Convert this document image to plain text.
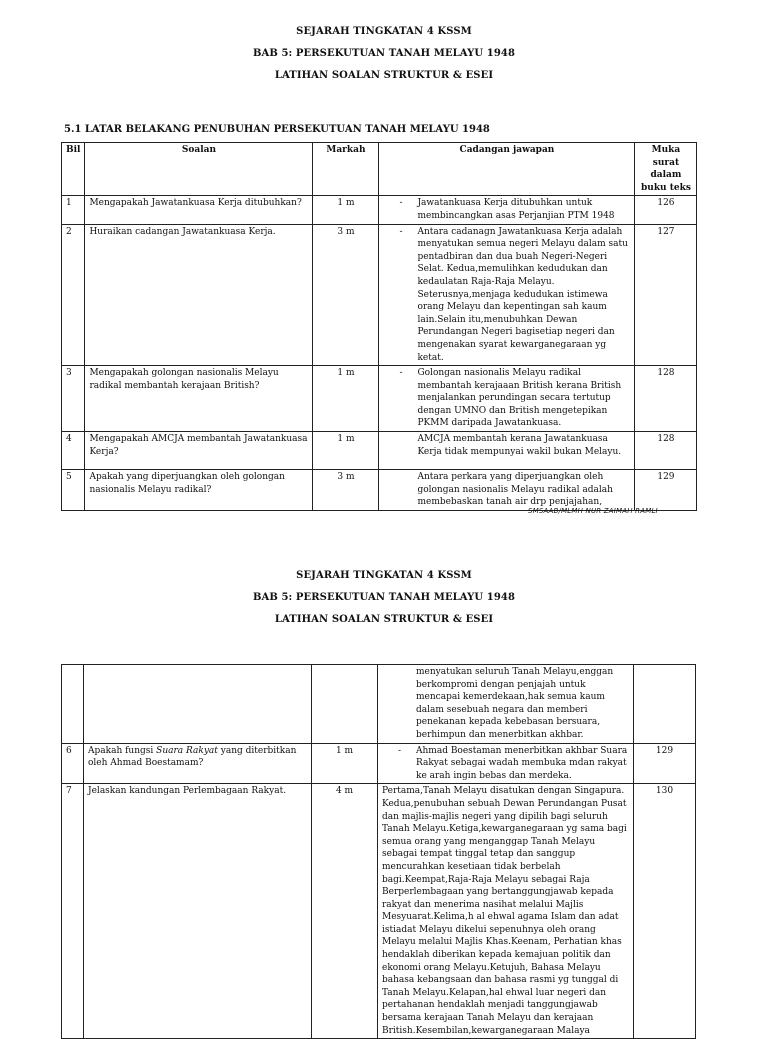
SEJARAH TINGKATAN 4 KSSM
BAB 5: PERSEKUTUAN TANAH MELAYU 1948
LATIHAN SOALAN STRUKTUR & ESEI
5.1 LATAR BELAKANG PENUBUHAN PERSEKUTUAN TANAH MELAYU 1948
Bil	Soalan	Markah	Cadangan jawapan	Muka surat dalam buku teks
1	Mengapakah Jawatankuasa Kerja ditubuhkan?	1 m	- Jawatankuasa Kerja ditubuhkan untuk membincangkan asas Perjanjian PTM 1948	126
2	Huraikan cadangan Jawatankuasa Kerja.	3 m	- Antara cadanagn Jawatankuasa Kerja adalah menyatukan semua negeri Melayu dalam satu pentadbiran dan dua buah Negeri-Negeri Selat. Kedua,memulihkan kedudukan dan kedaulatan Raja-Raja Melayu. Seterusnya,menjaga kedudukan istimewa orang Melayu dan kepentingan sah kaum lain.Selain itu,menubuhkan Dewan Perundangan Negeri bagisetiap negeri dan mengenakan syarat kewarganegaraan yg ketat.	127
3	Mengapakah golongan nasionalis Melayu radikal membantah kerajaan British?	1 m	- Golongan nasionalis Melayu radikal membantah kerajaaan British kerana British menjalankan perundingan secara tertutup dengan UMNO dan British mengetepikan PKMM daripada Jawatankuasa.	128
4	Mengapakah AMCJA membantah Jawatankuasa Kerja?	1 m	AMCJA membantah kerana Jawatankuasa Kerja tidak mempunyai wakil bukan Melayu.	128
5	Apakah yang diperjuangkan oleh golongan nasionalis Melayu radikal?	3 m	Antara perkara yang diperjuangkan oleh golongan nasionalis Melayu radikal adalah membebaskan tanah air drp penjajahan,	129
SMSAAB/MLMH NUR ZAIMAH RAMLI
SEJARAH TINGKATAN 4 KSSM
BAB 5: PERSEKUTUAN TANAH MELAYU 1948
LATIHAN SOALAN STRUKTUR & ESEI

			menyatukan seluruh Tanah Melayu,enggan berkompromi dengan penjajah untuk mencapai kemerdekaan,hak semua kaum dalam sesebuah negara dan memberi penekanan kepada kebebasan bersuara, berhimpun dan menerbitkan akhbar.	

6	Apakah fungsi Suara Rakyat yang diterbitkan oleh Ahmad Boestamam?	1 m	- Ahmad Boestaman menerbitkan akhbar Suara Rakyat sebagai wadah membuka mdan rakyat ke arah ingin bebas dan merdeka.	129
7	Jelaskan kandungan Perlembagaan Rakyat.	4 m	Pertama,Tanah Melayu disatukan dengan Singapura. Kedua,penubuhan sebuah Dewan Perundangan Pusat dan majlis-majlis negeri yang dipilih bagi seluruh Tanah Melayu.Ketiga,kewarganegaraan yg sama bagi semua orang yang menganggap Tanah Melayu sebagai tempat tinggal tetap dan sanggup mencurahkan kesetiaan tidak berbelah bagi.Keempat,Raja-Raja Melayu sebagai Raja Berperlembagaan yang bertanggungjawab kepada rakyat dan menerima nasihat melalui Majlis Mesyuarat.Kelima,h al ehwal agama Islam dan adat istiadat Melayu dikelui sepenuhnya oleh orang Melayu melalui Majlis Khas.Keenam, Perhatian khas hendaklah diberikan kepada kemajuan politik dan ekonomi orang Melayu.Ketujuh, Bahasa Melayu bahasa kebangsaan dan bahasa rasmi yg tunggal di Tanah Melayu.Kelapan,hal ehwal luar negeri dan pertahanan hendaklah menjadi tanggungjawab bersama kerajaan Tanah Melayu dan kerajaan British.Kesembilan,kewarganegaraan Malaya	130
